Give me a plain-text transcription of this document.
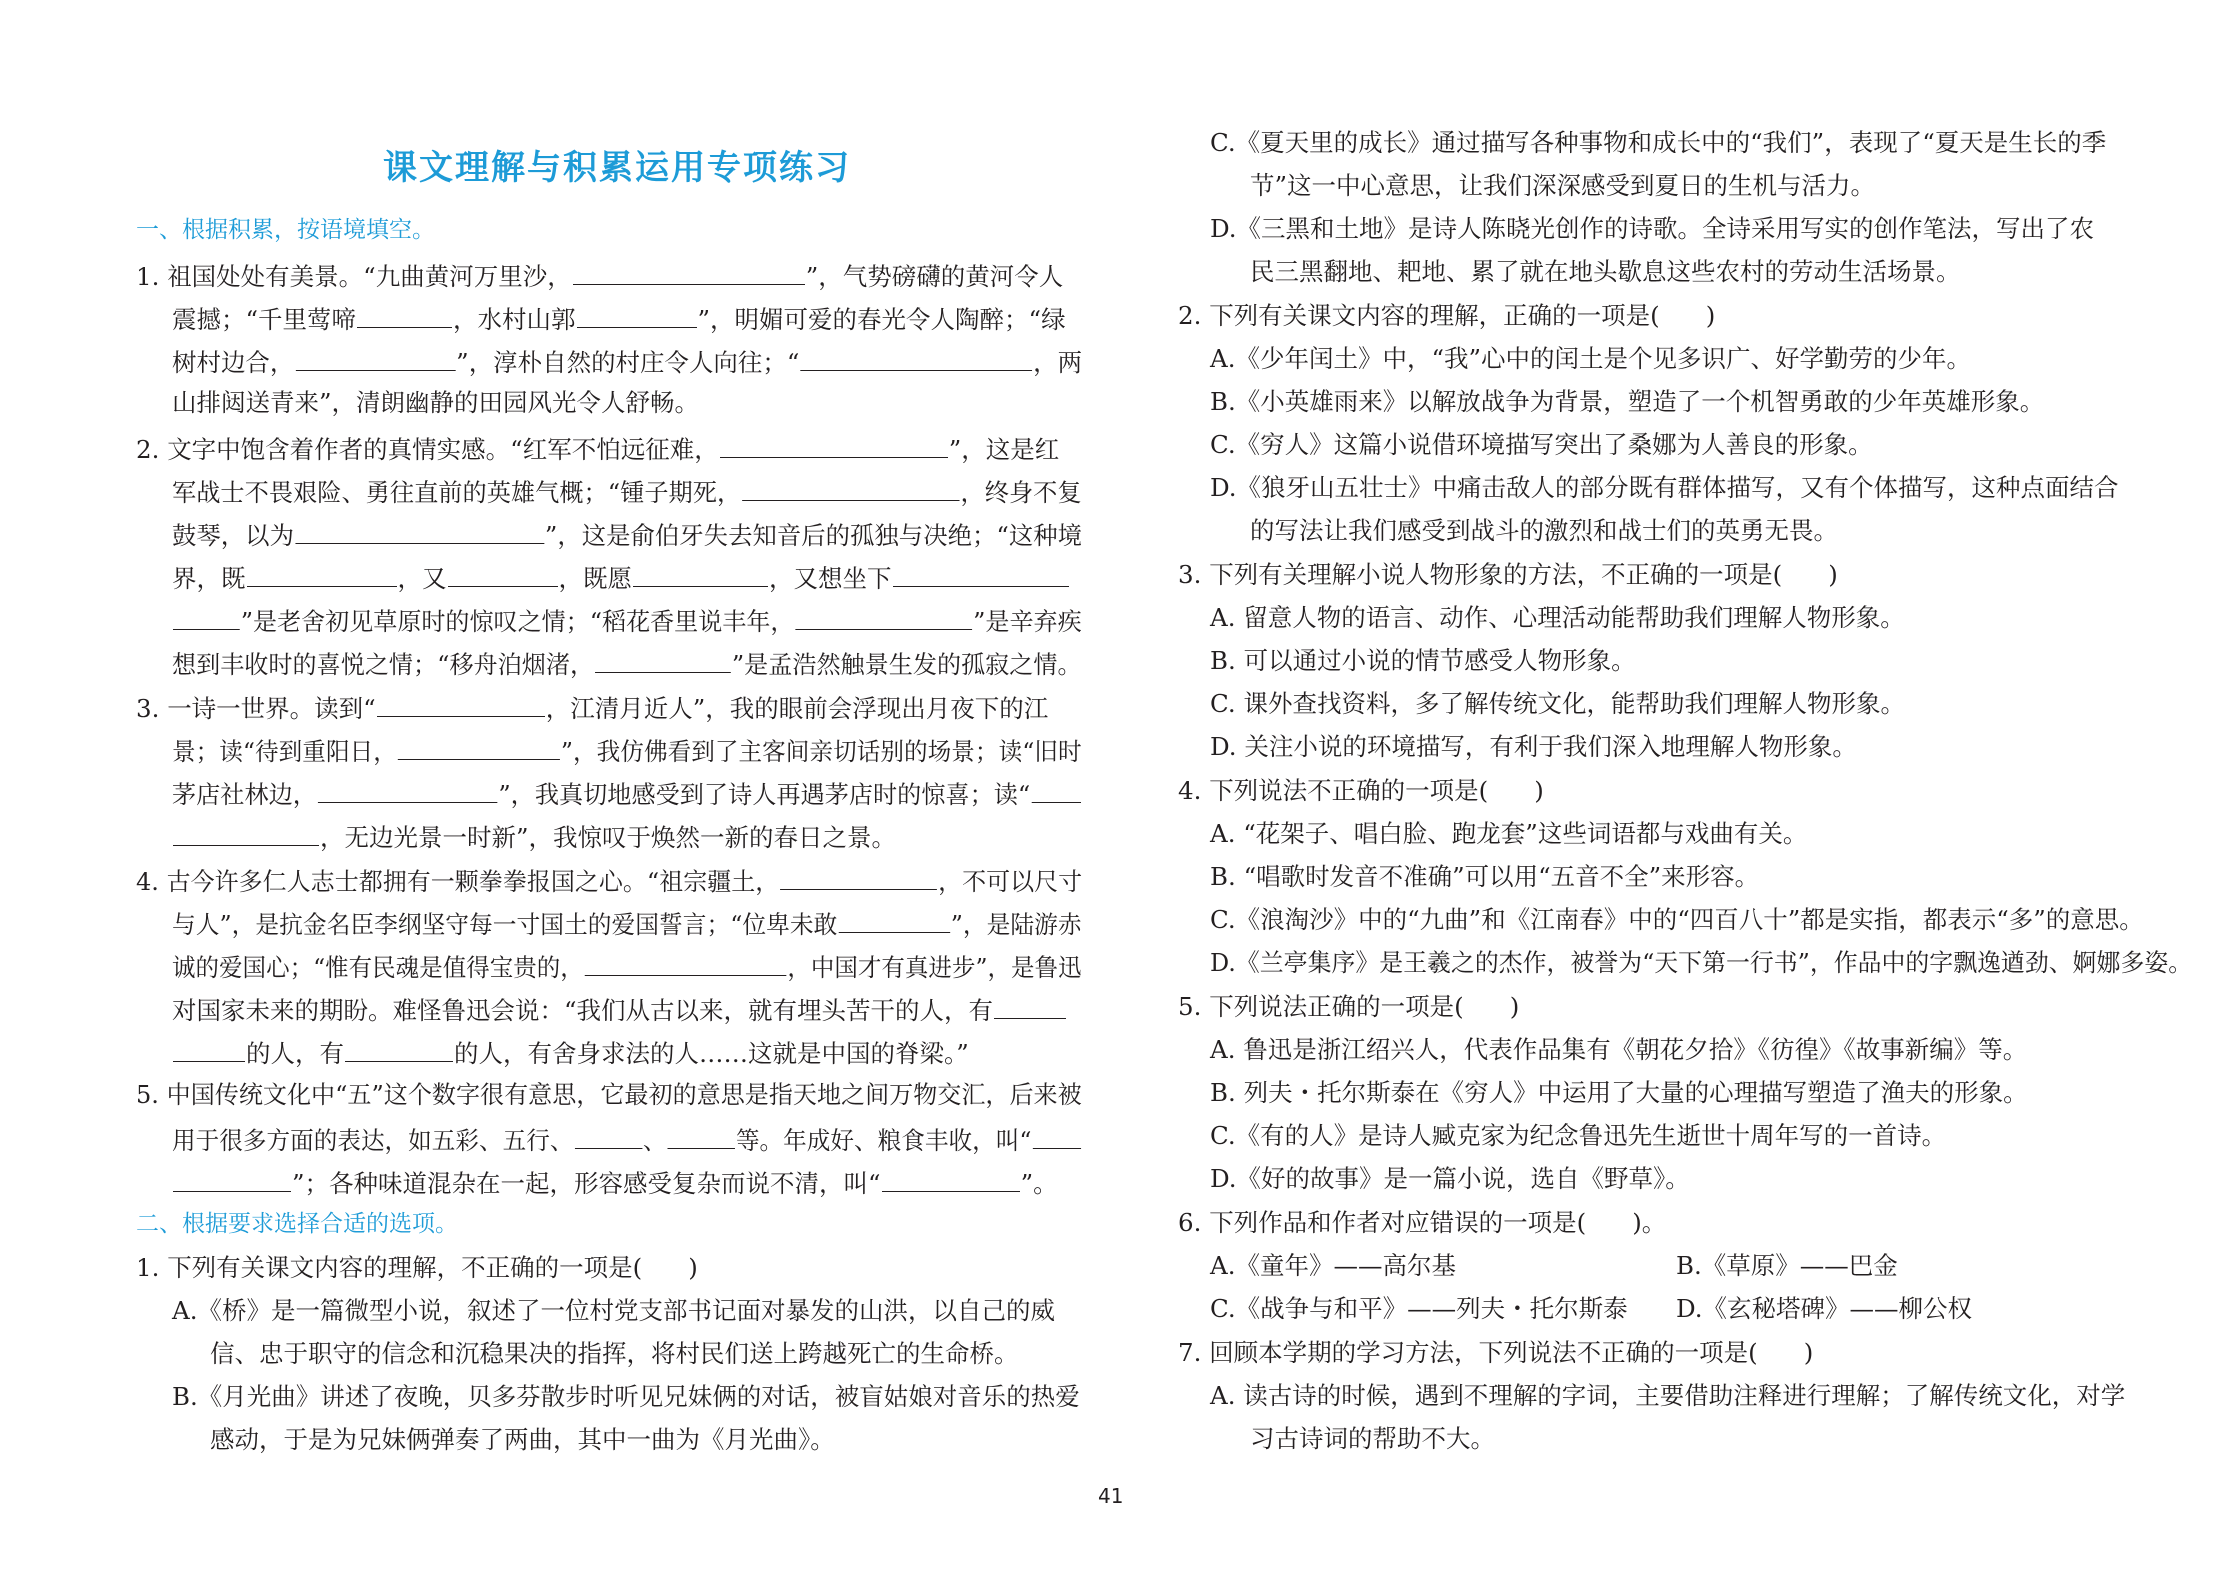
课文理解与积累运用专项练习
一、根据积累，按语境填空。
1. 祖国处处有美景。“九曲黄河万里沙，	”，气势磅礴的黄河令人
震撼；“千里莺啼	，水村山郭	”，明媚可爱的春光令人陶醉；“绿
树村边合，	”，淳朴自然的村庄令人向往；“	，两
山排闼送青来”，清朗幽静的田园风光令人舒畅。
2. 文字中饱含着作者的真情实感。“红军不怕远征难，	”，这是红
军战士不畏艰险、勇往直前的英雄气概；“锺子期死，	，终身不复
鼓琴，以为	”，这是俞伯牙失去知音后的孤独与决绝；“这种境
界，既	，又	，既愿	，又想坐下
”是老舍初见草原时的惊叹之情；“稻花香里说丰年，	”是辛弃疾
想到丰收时的喜悦之情；“移舟泊烟渚，	”是孟浩然触景生发的孤寂之情。
3. 一诗一世界。读到“	，江清月近人”，我的眼前会浮现出月夜下的江
景；读“待到重阳日，	”，我仿佛看到了主客间亲切话别的场景；读“旧时
茅店社林边，	”，我真切地感受到了诗人再遇茅店时的惊喜；读“
，无边光景一时新”，我惊叹于焕然一新的春日之景。
4. 古今许多仁人志士都拥有一颗拳拳报国之心。“祖宗疆土，	，不可以尺寸
与人”，是抗金名臣李纲坚守每一寸国土的爱国誓言；“位卑未敢	”，是陆游赤
诚的爱国心；“惟有民魂是值得宝贵的，	，中国才有真进步”，是鲁迅
对国家未来的期盼。难怪鲁迅会说：“我们从古以来，就有埋头苦干的人，有
的人，有	的人，有舍身求法的人……这就是中国的脊梁。”
5. 中国传统文化中“五”这个数字很有意思，它最初的意思是指天地之间万物交汇，后来被
用于很多方面的表达，如五彩、五行、	、	等。年成好、粮食丰收，叫“
”；各种味道混杂在一起，形容感受复杂而说不清，叫“	”。
二、根据要求选择合适的选项。
1. 下列有关课文内容的理解，不正确的一项是( )
A.《桥》是一篇微型小说，叙述了一位村党支部书记面对暴发的山洪，以自己的威
信、忠于职守的信念和沉稳果决的指挥，将村民们送上跨越死亡的生命桥。
B.《月光曲》讲述了夜晚，贝多芬散步时听见兄妹俩的对话，被盲姑娘对音乐的热爱
感动，于是为兄妹俩弹奏了两曲，其中一曲为《月光曲》。
C.《夏天里的成长》通过描写各种事物和成长中的“我们”，表现了“夏天是生长的季
节”这一中心意思，让我们深深感受到夏日的生机与活力。
D.《三黑和土地》是诗人陈晓光创作的诗歌。全诗采用写实的创作笔法，写出了农
民三黑翻地、耙地、累了就在地头歇息这些农村的劳动生活场景。
2. 下列有关课文内容的理解，正确的一项是( )
A.《少年闰土》中，“我”心中的闰土是个见多识广、好学勤劳的少年。
B.《小英雄雨来》以解放战争为背景，塑造了一个机智勇敢的少年英雄形象。
C.《穷人》这篇小说借环境描写突出了桑娜为人善良的形象。
D.《狼牙山五壮士》中痛击敌人的部分既有群体描写，又有个体描写，这种点面结合
的写法让我们感受到战斗的激烈和战士们的英勇无畏。
3. 下列有关理解小说人物形象的方法，不正确的一项是( )
A. 留意人物的语言、动作、心理活动能帮助我们理解人物形象。
B. 可以通过小说的情节感受人物形象。
C. 课外查找资料，多了解传统文化，能帮助我们理解人物形象。
D. 关注小说的环境描写，有利于我们深入地理解人物形象。
4. 下列说法不正确的一项是( )
A. “花架子、唱白脸、跑龙套”这些词语都与戏曲有关。
B. “唱歌时发音不准确”可以用“五音不全”来形容。
C.《浪淘沙》中的“九曲”和《江南春》中的“四百八十”都是实指，都表示“多”的意思。
D.《兰亭集序》是王羲之的杰作，被誉为“天下第一行书”，作品中的字飘逸遒劲、婀娜多姿。
5. 下列说法正确的一项是( )
A. 鲁迅是浙江绍兴人，代表作品集有《朝花夕拾》《彷徨》《故事新编》等。
B. 列夫・托尔斯泰在《穷人》中运用了大量的心理描写塑造了渔夫的形象。
C.《有的人》是诗人臧克家为纪念鲁迅先生逝世十周年写的一首诗。
D.《好的故事》是一篇小说，选自《野草》。
6. 下列作品和作者对应错误的一项是( )。
A.《童年》——高尔基	B.《草原》——巴金
C.《战争与和平》——列夫・托尔斯泰 D.《玄秘塔碑》——柳公权
7. 回顾本学期的学习方法，下列说法不正确的一项是( )
A. 读古诗的时候，遇到不理解的字词，主要借助注释进行理解；了解传统文化，对学
习古诗词的帮助不大。
41
